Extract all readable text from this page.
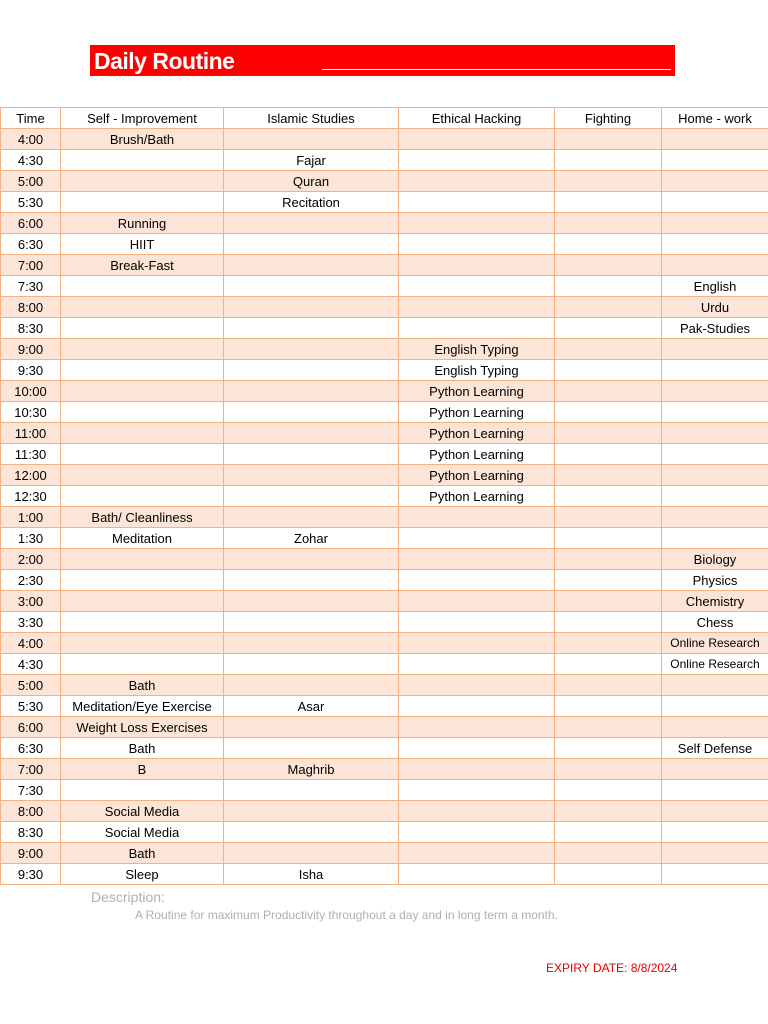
Daily Routine
Time	Self - Improvement	Islamic Studies	Ethical Hacking	Fighting	Home - work
4:00	Brush/Bath				
4:30		Fajar			
5:00		Quran			
5:30		Recitation			
6:00	Running				
6:30	HIIT				
7:00	Break-Fast				
7:30					English
8:00					Urdu
8:30					Pak-Studies
9:00			English Typing		
9:30			English Typing		
10:00			Python Learning		
10:30			Python Learning		
11:00			Python Learning		
11:30			Python Learning		
12:00			Python Learning		
12:30			Python Learning		
1:00	Bath/ Cleanliness				
1:30	Meditation	Zohar			
2:00					Biology
2:30					Physics
3:00					Chemistry
3:30					Chess
4:00					Online Research
4:30					Online Research
5:00	Bath				
5:30	Meditation/Eye Exercise	Asar			
6:00	Weight Loss Exercises				
6:30	Bath				Self Defense
7:00	B	Maghrib			
7:30					
8:00	Social Media				
8:30	Social Media				
9:00	Bath				
9:30	Sleep	Isha			
Description:
A Routine for maximum Productivity throughout a day and in long term a month.
EXPIRY DATE: 8/8/2024
